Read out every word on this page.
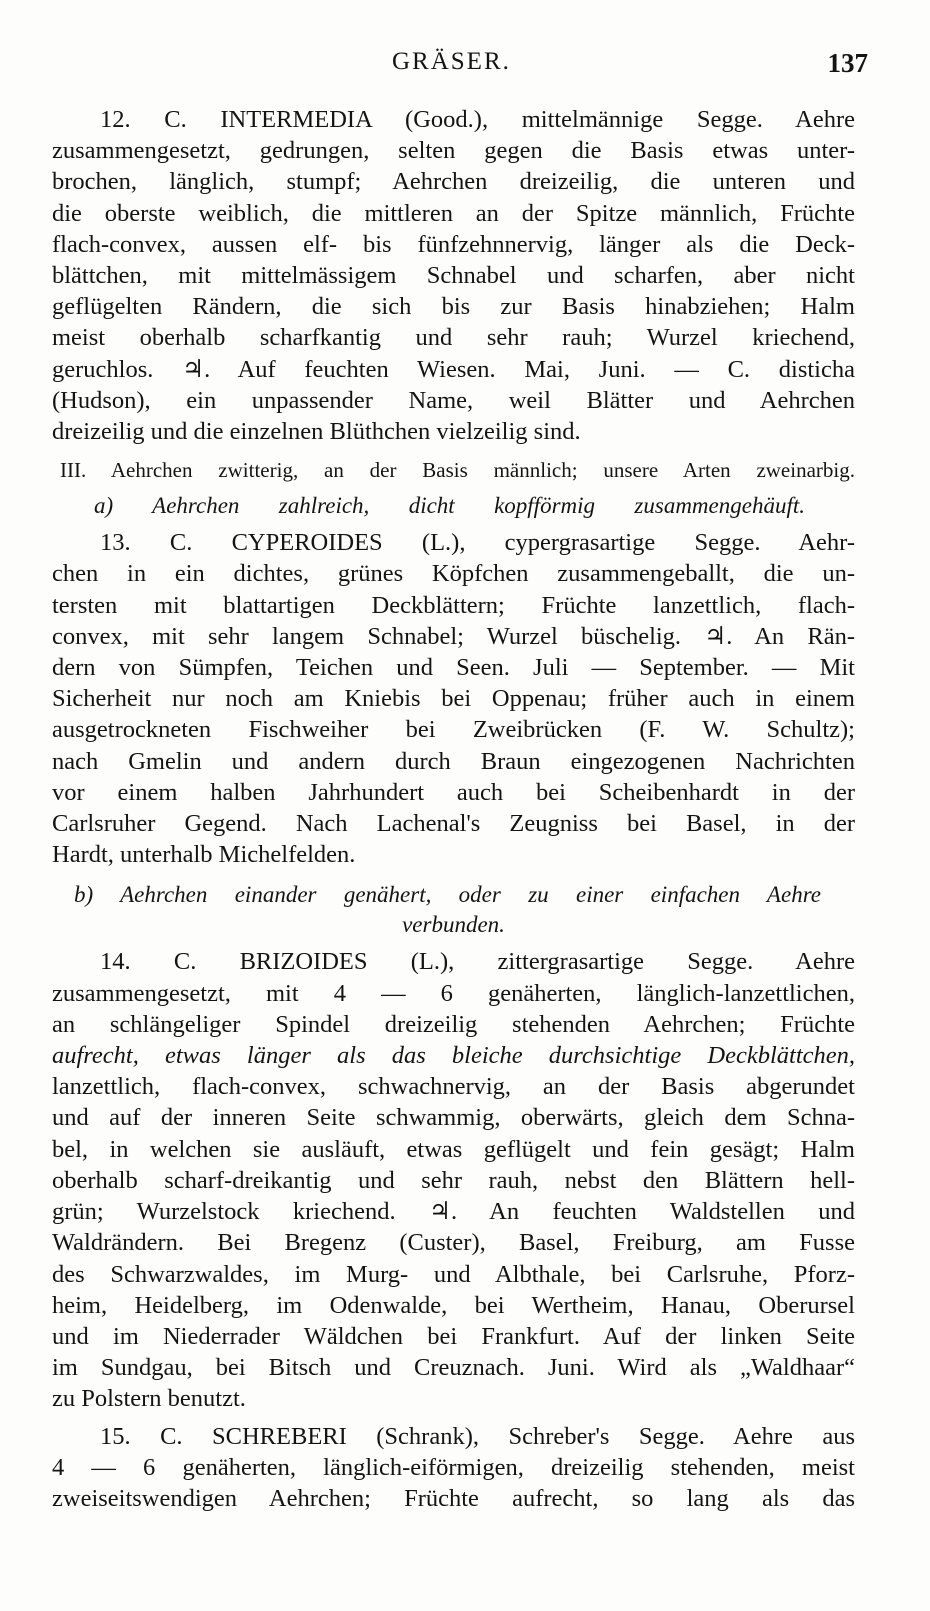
GRÄSER.	137

12. C. INTERMEDIA (Good.), mittelmännige Segge. Aehre
zusammengesetzt, gedrungen, selten gegen die Basis etwas unter-
brochen, länglich, stumpf; Aehrchen dreizeilig, die unteren und
die oberste weiblich, die mittleren an der Spitze männlich, Früchte
flach-convex, aussen elf- bis fünfzehnnervig, länger als die Deck-
blättchen, mit mittelmässigem Schnabel und scharfen, aber nicht
geflügelten Rändern, die sich bis zur Basis hinabziehen; Halm
meist oberhalb scharfkantig und sehr rauh; Wurzel kriechend,
geruchlos. ♃. Auf feuchten Wiesen. Mai, Juni. — C. disticha
(Hudson), ein unpassender Name, weil Blätter und Aehrchen
dreizeilig und die einzelnen Blüthchen vielzeilig sind.

III. Aehrchen zwitterig, an der Basis männlich; unsere Arten zweinarbig.

a) Aehrchen zahlreich, dicht kopfförmig zusammengehäuft.

13. C. CYPEROIDES (L.), cypergrasartige Segge. Aehr-
chen in ein dichtes, grünes Köpfchen zusammengeballt, die un-
tersten mit blattartigen Deckblättern; Früchte lanzettlich, flach-
convex, mit sehr langem Schnabel; Wurzel büschelig. ♃. An Rän-
dern von Sümpfen, Teichen und Seen. Juli — September. — Mit
Sicherheit nur noch am Kniebis bei Oppenau; früher auch in einem
ausgetrockneten Fischweiher bei Zweibrücken (F. W. Schultz);
nach Gmelin und andern durch Braun eingezogenen Nachrichten
vor einem halben Jahrhundert auch bei Scheibenhardt in der
Carlsruher Gegend. Nach Lachenal's Zeugniss bei Basel, in der
Hardt, unterhalb Michelfelden.

b) Aehrchen einander genähert, oder zu einer einfachen Aehre
verbunden.

14. C. BRIZOIDES (L.), zittergrasartige Segge. Aehre
zusammengesetzt, mit 4 — 6 genäherten, länglich-lanzettlichen,
an schlängeliger Spindel dreizeilig stehenden Aehrchen; Früchte
aufrecht, etwas länger als das bleiche durchsichtige Deckblättchen,
lanzettlich, flach-convex, schwachnervig, an der Basis abgerundet
und auf der inneren Seite schwammig, oberwärts, gleich dem Schna-
bel, in welchen sie ausläuft, etwas geflügelt und fein gesägt; Halm
oberhalb scharf-dreikantig und sehr rauh, nebst den Blättern hell-
grün; Wurzelstock kriechend. ♃. An feuchten Waldstellen und
Waldrändern. Bei Bregenz (Custer), Basel, Freiburg, am Fusse
des Schwarzwaldes, im Murg- und Albthale, bei Carlsruhe, Pforz-
heim, Heidelberg, im Odenwalde, bei Wertheim, Hanau, Oberursel
und im Niederrader Wäldchen bei Frankfurt. Auf der linken Seite
im Sundgau, bei Bitsch und Creuznach. Juni. Wird als „Waldhaar“
zu Polstern benutzt.

15. C. SCHREBERI (Schrank), Schreber's Segge. Aehre aus
4 — 6 genäherten, länglich-eiförmigen, dreizeilig stehenden, meist
zweiseitswendigen Aehrchen; Früchte aufrecht, so lang als das
